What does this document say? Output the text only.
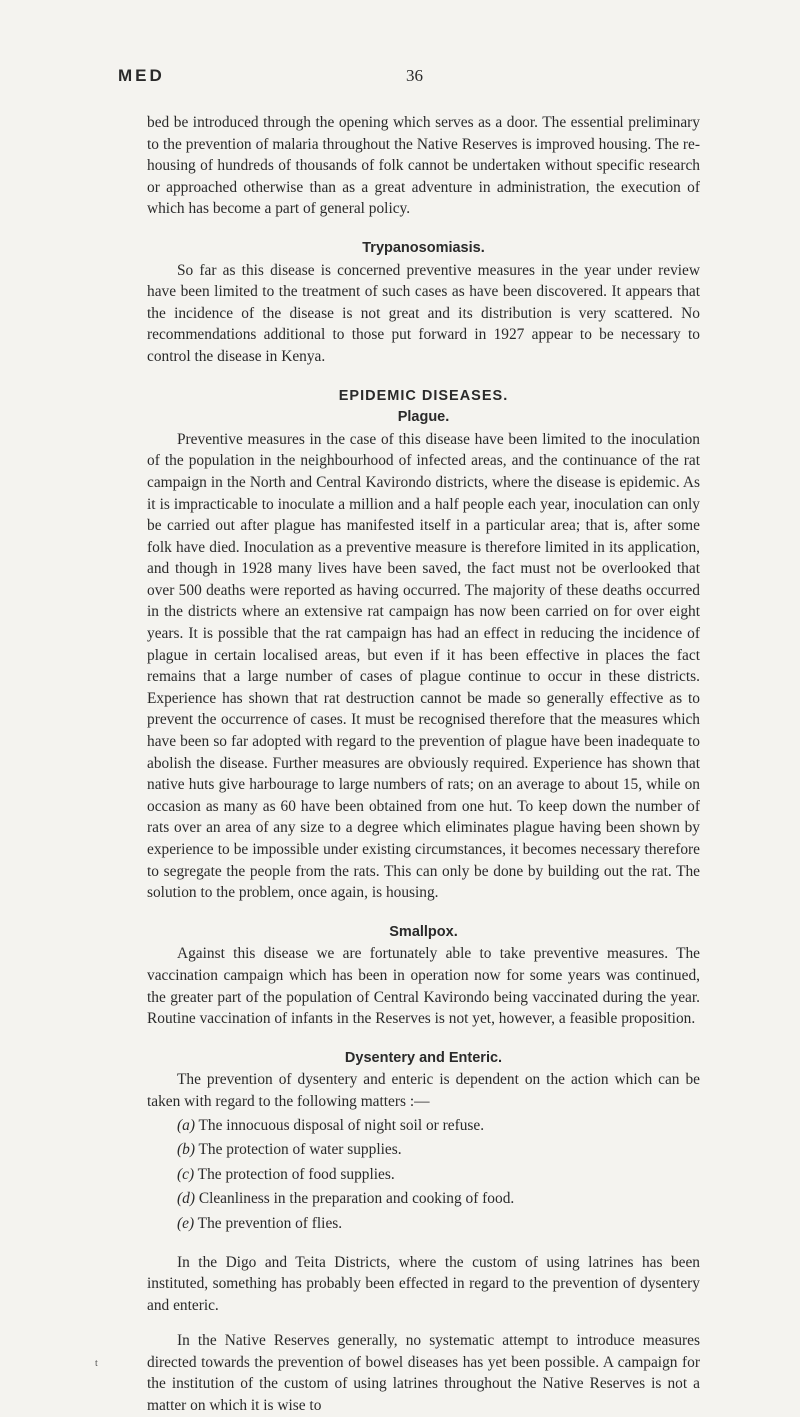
MED	36

bed be introduced through the opening which serves as a door. The essential preliminary to the prevention of malaria throughout the Native Reserves is improved housing. The re-housing of hundreds of thousands of folk cannot be undertaken without specific research or approached otherwise than as a great adventure in administration, the execution of which has become a part of general policy.

Trypanosomiasis.

So far as this disease is concerned preventive measures in the year under review have been limited to the treatment of such cases as have been discovered. It appears that the incidence of the disease is not great and its distribution is very scattered. No recommendations additional to those put forward in 1927 appear to be necessary to control the disease in Kenya.

EPIDEMIC DISEASES.
Plague.

Preventive measures in the case of this disease have been limited to the inoculation of the population in the neighbourhood of infected areas, and the continuance of the rat campaign in the North and Central Kavirondo districts, where the disease is epidemic. As it is impracticable to inoculate a million and a half people each year, inoculation can only be carried out after plague has manifested itself in a particular area; that is, after some folk have died. Inoculation as a preventive measure is therefore limited in its application, and though in 1928 many lives have been saved, the fact must not be overlooked that over 500 deaths were reported as having occurred. The majority of these deaths occurred in the districts where an extensive rat campaign has now been carried on for over eight years. It is possible that the rat campaign has had an effect in reducing the incidence of plague in certain localised areas, but even if it has been effective in places the fact remains that a large number of cases of plague continue to occur in these districts. Experience has shown that rat destruction cannot be made so generally effective as to prevent the occurrence of cases. It must be recognised therefore that the measures which have been so far adopted with regard to the prevention of plague have been inadequate to abolish the disease. Further measures are obviously required. Experience has shown that native huts give harbourage to large numbers of rats; on an average to about 15, while on occasion as many as 60 have been obtained from one hut. To keep down the number of rats over an area of any size to a degree which eliminates plague having been shown by experience to be impossible under existing circumstances, it becomes necessary therefore to segregate the people from the rats. This can only be done by building out the rat. The solution to the problem, once again, is housing.

Smallpox.

Against this disease we are fortunately able to take preventive measures. The vaccination campaign which has been in operation now for some years was continued, the greater part of the population of Central Kavirondo being vaccinated during the year. Routine vaccination of infants in the Reserves is not yet, however, a feasible proposition.

Dysentery and Enteric.

The prevention of dysentery and enteric is dependent on the action which can be taken with regard to the following matters :—

(a) The innocuous disposal of night soil or refuse.
(b) The protection of water supplies.
(c) The protection of food supplies.
(d) Cleanliness in the preparation and cooking of food.
(e) The prevention of flies.

In the Digo and Teita Districts, where the custom of using latrines has been instituted, something has probably been effected in regard to the prevention of dysentery and enteric.

In the Native Reserves generally, no systematic attempt to introduce measures directed towards the prevention of bowel diseases has yet been possible. A campaign for the institution of the custom of using latrines throughout the Native Reserves is not a matter on which it is wise to

t
